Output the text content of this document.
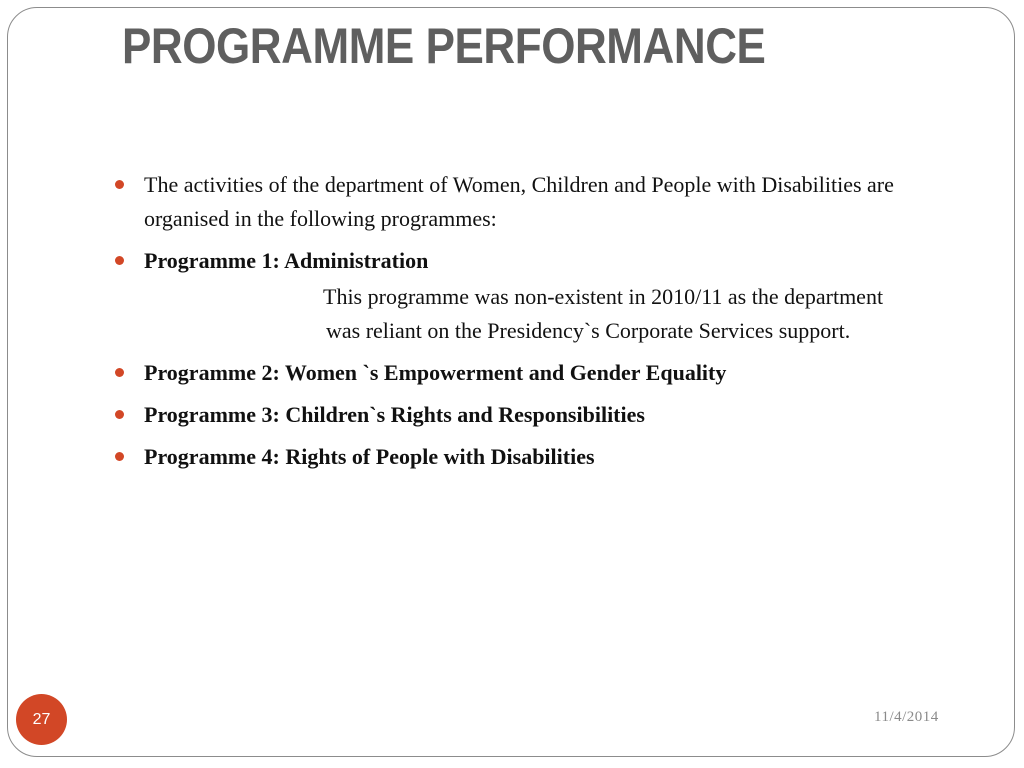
PROGRAMME PERFORMANCE
The activities of the department of Women, Children and People with Disabilities are organised in the following programmes:
Programme 1: Administration
This programme was non-existent in 2010/11 as the department was reliant on the Presidency`s Corporate Services support.
Programme 2: Women `s Empowerment and Gender Equality
Programme 3: Children`s Rights and Responsibilities
Programme 4: Rights of People with Disabilities
27	11/4/2014
